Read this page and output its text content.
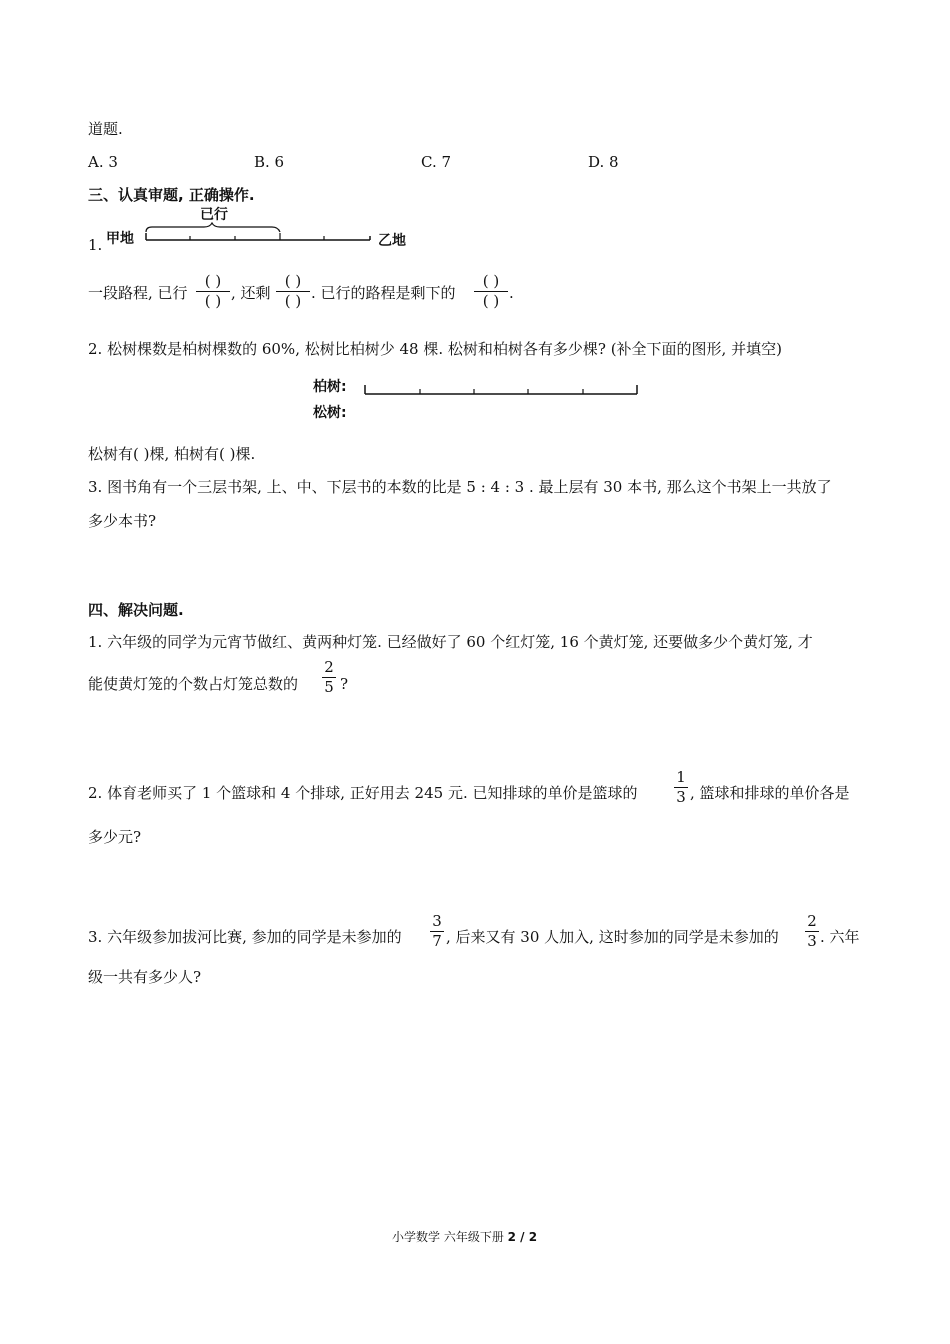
道题.
A. 3	B. 6	C. 7	D. 8
三、认真审题, 正确操作.
1. 甲地
已行
乙地
一段路程, 已行
( )
( ) , 还剩
( )
( ) . 已行的路程是剩下的
( )
( ) .
2. 松树棵数是柏树棵数的 60%, 松树比柏树少 48 棵. 松树和柏树各有多少棵? (补全下面的图形, 并填空)
柏树:
松树:
松树有( )棵, 柏树有( )棵.
3. 图书角有一个三层书架, 上、中、下层书的本数的比是 5 : 4 : 3 . 最上层有 30 本书, 那么这个书架上一共放了
多少本书?
四、解决问题.
1. 六年级的同学为元宵节做红、黄两种灯笼. 已经做好了 60 个红灯笼, 16 个黄灯笼, 还要做多少个黄灯笼, 才
能使黄灯笼的个数占灯笼总数的
2
5 ?
2. 体育老师买了 1 个篮球和 4 个排球, 正好用去 245 元. 已知排球的单价是篮球的
1
3 , 篮球和排球的单价各是
多少元?
3. 六年级参加拔河比赛, 参加的同学是未参加的
3
7 , 后来又有 30 人加入, 这时参加的同学是未参加的
2
3 . 六年
级一共有多少人?
小学数学 六年级下册 2 / 2
